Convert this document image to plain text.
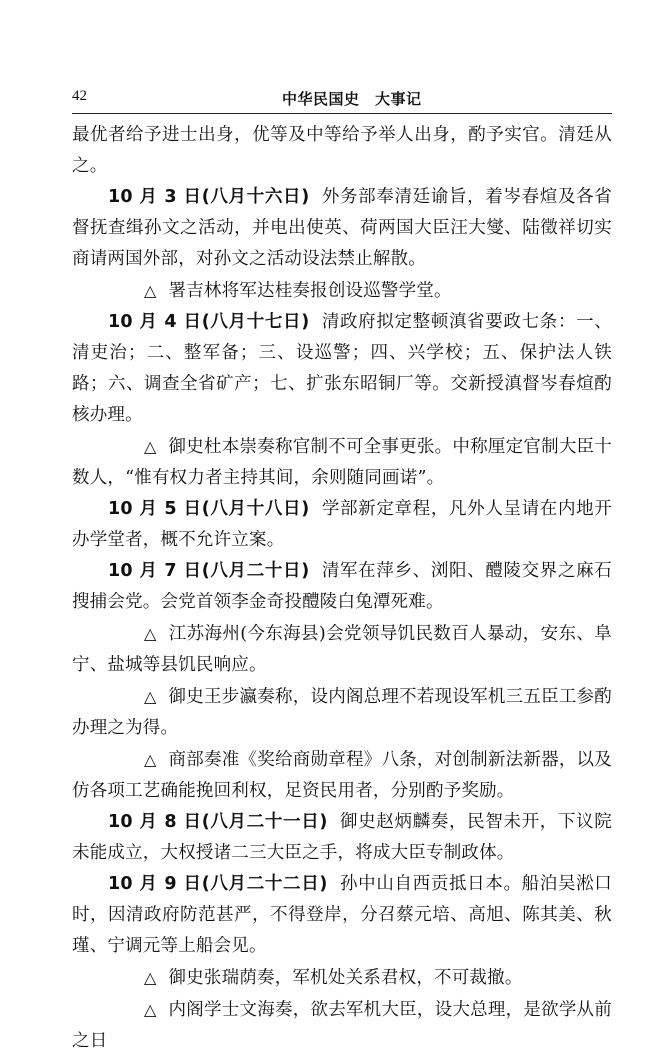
42	中华民国史　大事记

最优者给予进士出身，优等及中等给予举人出身，酌予实官。清廷从之。

10 月 3 日(八月十六日) 外务部奉清廷谕旨，着岑春煊及各省督抚查缉孙文之活动，并电出使英、荷两国大臣汪大燮、陆徵祥切实商请两国外部，对孙文之活动设法禁止解散。

△ 署吉林将军达桂奏报创设巡警学堂。

10 月 4 日(八月十七日) 清政府拟定整顿滇省要政七条：一、清吏治；二、整军备；三、设巡警；四、兴学校；五、保护法人铁路；六、调查全省矿产；七、扩张东昭铜厂等。交新授滇督岑春煊酌核办理。

△ 御史杜本崇奏称官制不可全事更张。中称厘定官制大臣十数人，“惟有权力者主持其间，余则随同画诺”。

10 月 5 日(八月十八日) 学部新定章程，凡外人呈请在内地开办学堂者，概不允许立案。

10 月 7 日(八月二十日) 清军在萍乡、浏阳、醴陵交界之麻石搜捕会党。会党首领李金奇投醴陵白兔潭死难。

△ 江苏海州(今东海县)会党领导饥民数百人暴动，安东、阜宁、盐城等县饥民响应。

△ 御史王步瀛奏称，设内阁总理不若现设军机三五臣工参酌办理之为得。

△ 商部奏准《奖给商勋章程》八条，对创制新法新器，以及仿各项工艺确能挽回利权，足资民用者，分别酌予奖励。

10 月 8 日(八月二十一日) 御史赵炳麟奏，民智未开，下议院未能成立，大权授诸二三大臣之手，将成大臣专制政体。

10 月 9 日(八月二十二日) 孙中山自西贡抵日本。船泊吴淞口时，因清政府防范甚严，不得登岸，分召蔡元培、高旭、陈其美、秋瑾、宁调元等上船会见。

△ 御史张瑞荫奏，军机处关系君权，不可裁撤。

△ 内阁学士文海奏，欲去军机大臣，设大总理，是欲学从前之日
